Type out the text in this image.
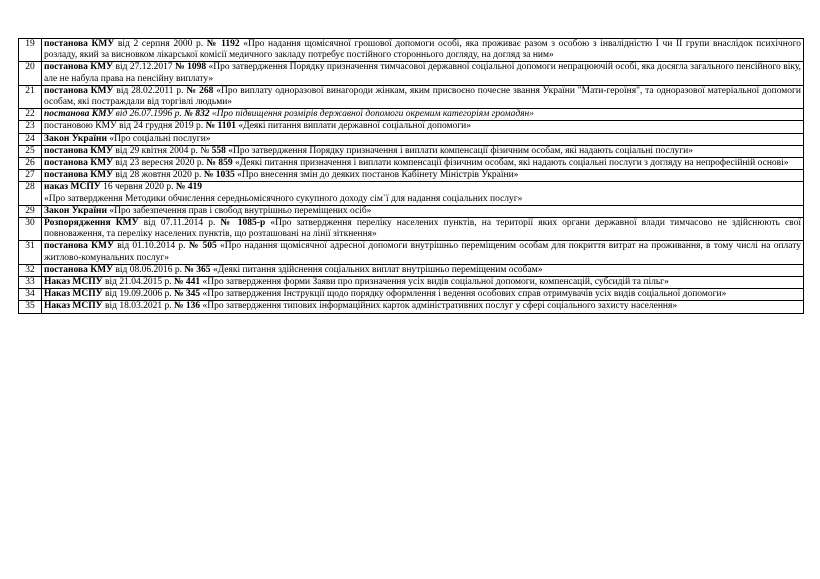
19	постанова КМУ від 2 серпня 2000 р. № 1192 «Про надання щомісячної грошової допомоги особі, яка проживає разом з особою з інвалідністю І чи ІІ групи внаслідок психічного розладу, який за висновком лікарської комісії медичного закладу потребує постійного стороннього догляду, на догляд за ним»
20	постанова КМУ від 27.12.2017 № 1098 «Про затвердження Порядку призначення тимчасової державної соціальної допомоги непрацюючій особі, яка досягла загального пенсійного віку, але не набула права на пенсійну виплату»
21	постанова КМУ від 28.02.2011 р. № 268 «Про виплату одноразової винагороди жінкам, яким присвоєно почесне звання України "Мати-героїня", та одноразової матеріальної допомоги особам, які постраждали від торгівлі людьми»
22	постанова КМУ від 26.07.1996 р. № 832 «Про підвищення розмірів державної допомоги окремим категоріям громадян»
23	постановою КМУ від 24 грудня 2019 р. № 1101 «Деякі питання виплати державної соціальної допомоги»
24	Закон України «Про соціальні послуги»
25	постанова КМУ від 29 квітня 2004 р. № 558 «Про затвердження Порядку призначення і виплати компенсації фізичним особам, які надають соціальні послуги»
26	постанова КМУ від 23 вересня 2020 р. № 859 «Деякі питання призначення і виплати компенсації фізичним особам, які надають соціальні послуги з догляду на непрофесійній основі»
27	постанова КМУ від 28 жовтня 2020 р. № 1035 «Про внесення змін до деяких постанов Кабінету Міністрів України»
28	наказ МСПУ 16 червня 2020 р. № 419
«Про затвердження Методики обчислення середньомісячного сукупного доходу сім`ї для надання соціальних послуг»
29	Закон України «Про забезпечення прав і свобод внутрішньо переміщених осіб»
30	Розпорядження КМУ від 07.11.2014 р. № 1085-р «Про затвердження переліку населених пунктів, на території яких органи державної влади тимчасово не здійснюють свої повноваження, та переліку населених пунктів, що розташовані на лінії зіткнення»
31	постанова КМУ від 01.10.2014 р. № 505 «Про надання щомісячної адресної допомоги внутрішньо переміщеним особам для покриття витрат на проживання, в тому числі на оплату житлово-комунальних послуг»
32	постанова КМУ від 08.06.2016 р. № 365 «Деякі питання здійснення соціальних виплат внутрішньо переміщеним особам»
33	Наказ МСПУ від 21.04.2015 р. № 441 «Про затвердження форми Заяви про призначення усіх видів соціальної допомоги, компенсацій, субсидій та пільг»
34	Наказ МСПУ від 19.09.2006 р. № 345 «Про затвердження Інструкції щодо порядку оформлення і ведення особових справ отримувачів усіх видів соціальної допомоги»
35	Наказ МСПУ від 18.03.2021 р. № 136 «Про затвердження типових інформаційних карток адміністративних послуг у сфері соціального захисту населення»
